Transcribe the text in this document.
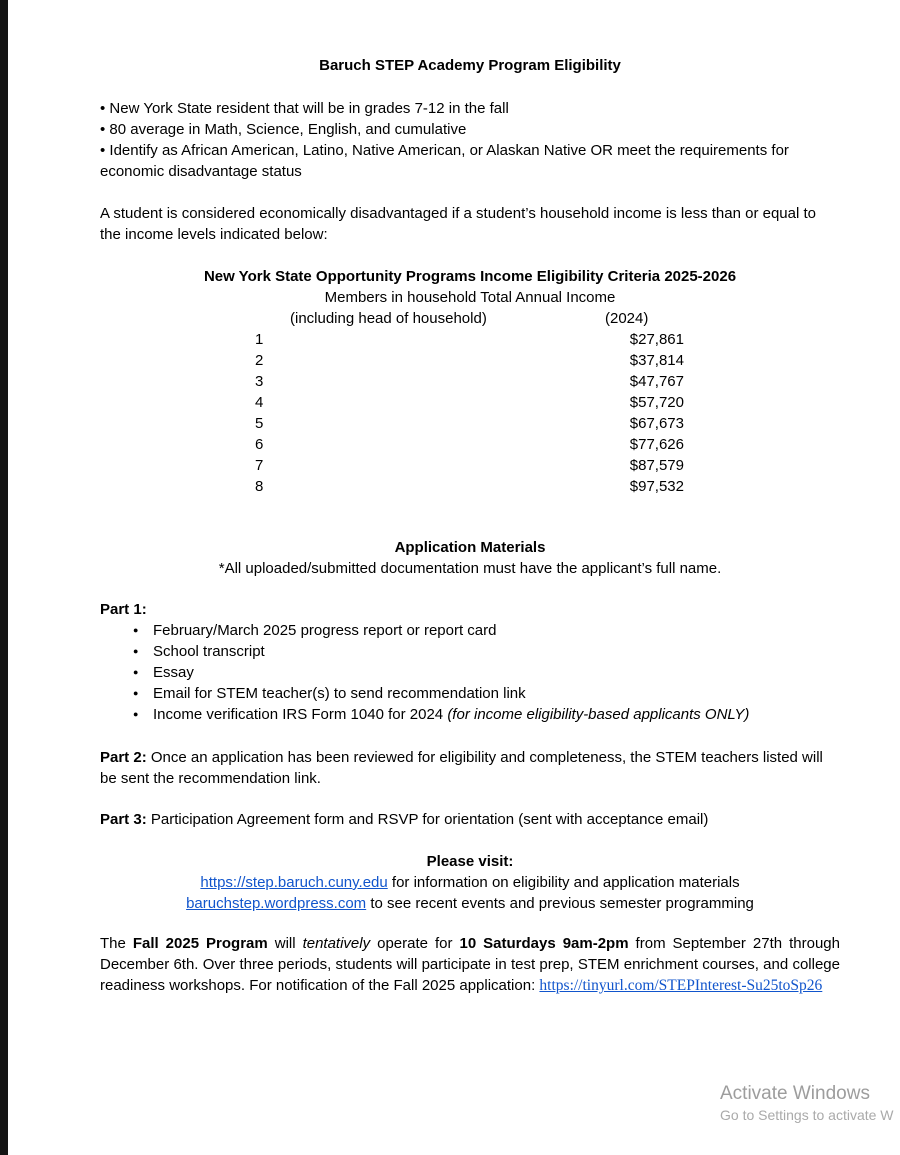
Baruch STEP Academy Program Eligibility

• New York State resident that will be in grades 7-12 in the fall

• 80 average in Math, Science, English, and cumulative

• Identify as African American, Latino, Native American, or Alaskan Native OR meet the requirements for economic disadvantage status

A student is considered economically disadvantaged if a student’s household income is less than or equal to the income levels indicated below:
New York State Opportunity Programs Income Eligibility Criteria 2025-2026
Members in household Total Annual Income
(including head of household)	(2024)
1	$27,861
2	$37,814
3	$47,767
4	$57,720
5	$67,673
6	$77,626
7	$87,579
8	$97,532
Application Materials
*All uploaded/submitted documentation must have the applicant’s full name.
Part 1:
● February/March 2025 progress report or report card
● School transcript
● Essay
● Email for STEM teacher(s) to send recommendation link
● Income verification IRS Form 1040 for 2024 (for income eligibility-based applicants ONLY)
Part 2: Once an application has been reviewed for eligibility and completeness, the STEM teachers listed will be sent the recommendation link.
Part 3: Participation Agreement form and RSVP for orientation (sent with acceptance email)
Please visit:
https://step.baruch.cuny.edu for information on eligibility and application materials
baruchstep.wordpress.com to see recent events and previous semester programming
The Fall 2025 Program will tentatively operate for 10 Saturdays 9am-2pm from September 27th through December 6th. Over three periods, students will participate in test prep, STEM enrichment courses, and college readiness workshops. For notification of the Fall 2025 application: https://tinyurl.com/STEPInterest-Su25toSp26
Activate Windows
Go to Settings to activate W
